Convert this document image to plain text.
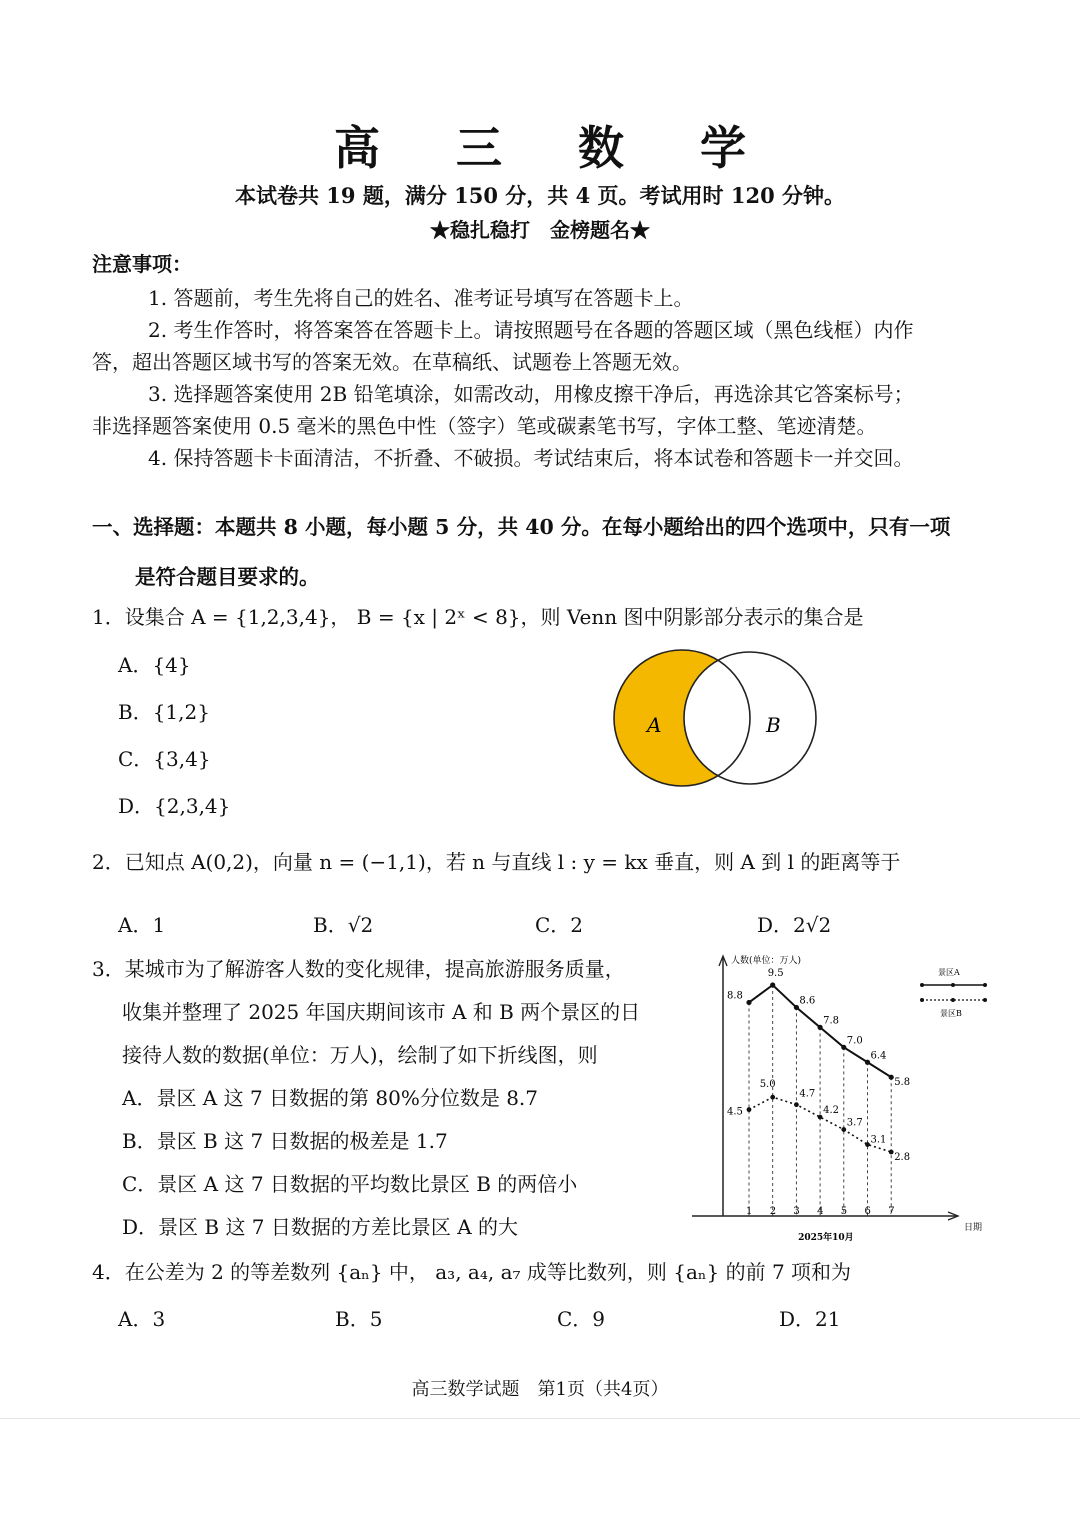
高 三 数 学
本试卷共 19 题，满分 150 分，共 4 页。考试用时 120 分钟。
★稳扎稳打　金榜题名★
注意事项：
1. 答题前，考生先将自己的姓名、准考证号填写在答题卡上。
2. 考生作答时，将答案答在答题卡上。请按照题号在各题的答题区域（黑色线框）内作
答，超出答题区域书写的答案无效。在草稿纸、试题卷上答题无效。
3. 选择题答案使用 2B 铅笔填涂，如需改动，用橡皮擦干净后，再选涂其它答案标号；
非选择题答案使用 0.5 毫米的黑色中性（签字）笔或碳素笔书写，字体工整、笔迹清楚。
4. 保持答题卡卡面清洁，不折叠、不破损。考试结束后，将本试卷和答题卡一并交回。
一、选择题：本题共 8 小题，每小题 5 分，共 40 分。在每小题给出的四个选项中，只有一项
是符合题目要求的。
1．设集合 A = {1,2,3,4}， B = {x | 2ˣ < 8}，则 Venn 图中阴影部分表示的集合是
A．{4}
B．{1,2}
C．{3,4}
D．{2,3,4}
A	B
2．已知点 A(0,2)，向量 n = (−1,1)，若 n 与直线 l : y = kx 垂直，则 A 到 l 的距离等于
A．1	B．√2	C．2	D．2√2
3．某城市为了解游客人数的变化规律，提高旅游服务质量，
收集并整理了 2025 年国庆期间该市 A 和 B 两个景区的日
接待人数的数据(单位：万人)，绘制了如下折线图，则
A．景区 A 这 7 日数据的第 80%分位数是 8.7
B．景区 B 这 7 日数据的极差是 1.7
C．景区 A 这 7 日数据的平均数比景区 B 的两倍小
D．景区 B 这 7 日数据的方差比景区 A 的大
人数(单位：万人)
日期
2025年10月
1 2 3 4 5 6 7
8.8
9.5
8.6
7.8
7.0
6.4
5.8
4.5
5.0
4.7
4.2
3.7
3.1
2.8
景区A
景区B
4．在公差为 2 的等差数列 {aₙ} 中， a₃, a₄, a₇ 成等比数列，则 {aₙ} 的前 7 项和为
A．3	B．5	C．9	D．21
高三数学试题　第1页（共4页）
